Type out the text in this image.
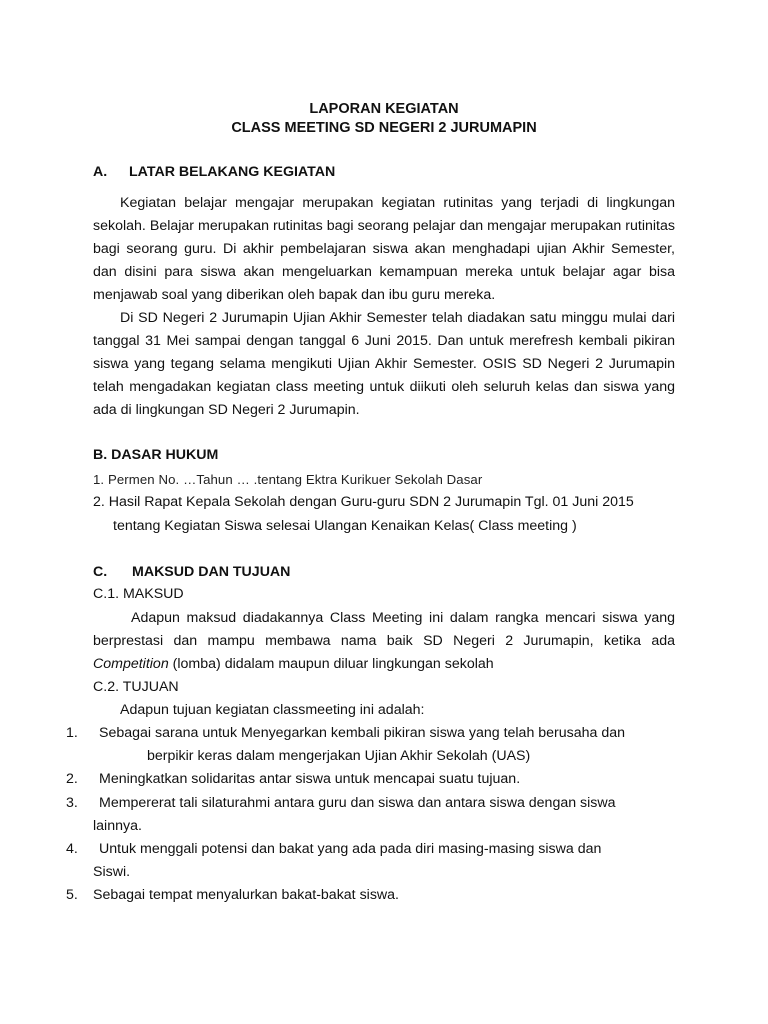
LAPORAN KEGIATAN
CLASS MEETING SD NEGERI 2 JURUMAPIN
A. LATAR BELAKANG KEGIATAN
Kegiatan belajar mengajar merupakan kegiatan rutinitas yang terjadi di lingkungan
sekolah. Belajar merupakan rutinitas bagi seorang pelajar dan mengajar merupakan rutinitas
bagi seorang guru. Di akhir pembelajaran siswa akan menghadapi ujian Akhir Semester,
dan disini para siswa akan mengeluarkan kemampuan mereka untuk belajar agar bisa
menjawab soal yang diberikan oleh bapak dan ibu guru mereka.
Di SD Negeri 2 Jurumapin Ujian Akhir Semester telah diadakan satu minggu mulai dari
tanggal 31 Mei sampai dengan tanggal 6 Juni 2015. Dan untuk merefresh kembali pikiran
siswa yang tegang selama mengikuti Ujian Akhir Semester. OSIS SD Negeri 2 Jurumapin
telah mengadakan kegiatan class meeting untuk diikuti oleh seluruh kelas dan siswa yang
ada di lingkungan SD Negeri 2 Jurumapin.
B. DASAR HUKUM
1. Permen No. …Tahun … .tentang Ektra Kurikuer Sekolah Dasar
2. Hasil Rapat Kepala Sekolah dengan Guru-guru SDN 2 Jurumapin Tgl. 01 Juni 2015
tentang Kegiatan Siswa selesai Ulangan Kenaikan Kelas( Class meeting )
C. MAKSUD DAN TUJUAN
C.1. MAKSUD
Adapun maksud diadakannya Class Meeting ini dalam rangka mencari siswa yang
berprestasi dan mampu membawa nama baik SD Negeri 2 Jurumapin, ketika ada
Competition (lomba) didalam maupun diluar lingkungan sekolah
C.2. TUJUAN
Adapun tujuan kegiatan classmeeting ini adalah:
1. Sebagai sarana untuk Menyegarkan kembali pikiran siswa yang telah berusaha dan
berpikir keras dalam mengerjakan Ujian Akhir Sekolah (UAS)
2. Meningkatkan solidaritas antar siswa untuk mencapai suatu tujuan.
3. Mempererat tali silaturahmi antara guru dan siswa dan antara siswa dengan siswa
lainnya.
4. Untuk menggali potensi dan bakat yang ada pada diri masing-masing siswa dan
Siswi.
5. Sebagai tempat menyalurkan bakat-bakat siswa.
